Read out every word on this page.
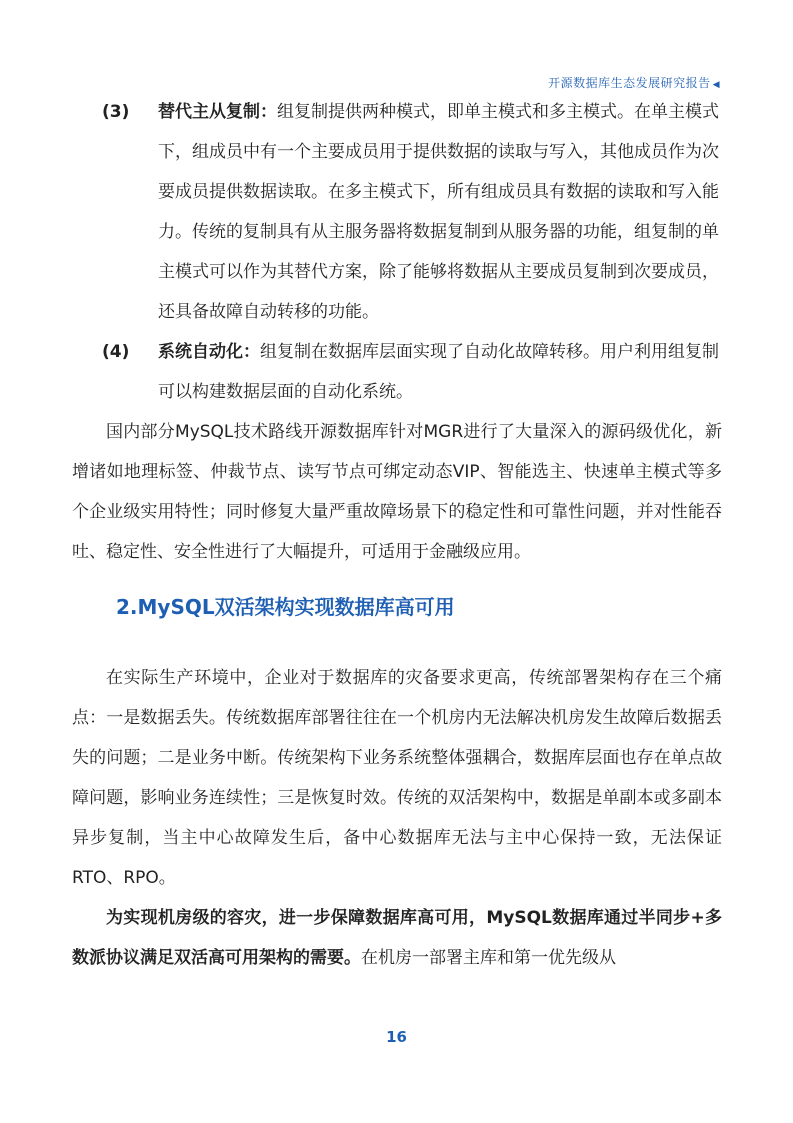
开源数据库生态发展研究报告 ◀
(3) 替代主从复制：组复制提供两种模式，即单主模式和多主模式。在单主模式下，组成员中有一个主要成员用于提供数据的读取与写入，其他成员作为次要成员提供数据读取。在多主模式下，所有组成员具有数据的读取和写入能力。传统的复制具有从主服务器将数据复制到从服务器的功能，组复制的单主模式可以作为其替代方案，除了能够将数据从主要成员复制到次要成员，还具备故障自动转移的功能。
(4) 系统自动化：组复制在数据库层面实现了自动化故障转移。用户利用组复制可以构建数据层面的自动化系统。

国内部分MySQL技术路线开源数据库针对MGR进行了大量深入的源码级优化，新增诸如地理标签、仲裁节点、读写节点可绑定动态VIP、智能选主、快速单主模式等多个企业级实用特性；同时修复大量严重故障场景下的稳定性和可靠性问题，并对性能吞吐、稳定性、安全性进行了大幅提升，可适用于金融级应用。

2.MySQL双活架构实现数据库高可用

在实际生产环境中，企业对于数据库的灾备要求更高，传统部署架构存在三个痛点：一是数据丢失。传统数据库部署往往在一个机房内无法解决机房发生故障后数据丢失的问题；二是业务中断。传统架构下业务系统整体强耦合，数据库层面也存在单点故障问题，影响业务连续性；三是恢复时效。传统的双活架构中，数据是单副本或多副本异步复制，当主中心故障发生后，备中心数据库无法与主中心保持一致，无法保证RTO、RPO。

为实现机房级的容灾，进一步保障数据库高可用，MySQL数据库通过半同步+多数派协议满足双活高可用架构的需要。在机房一部署主库和第一优先级从

16
